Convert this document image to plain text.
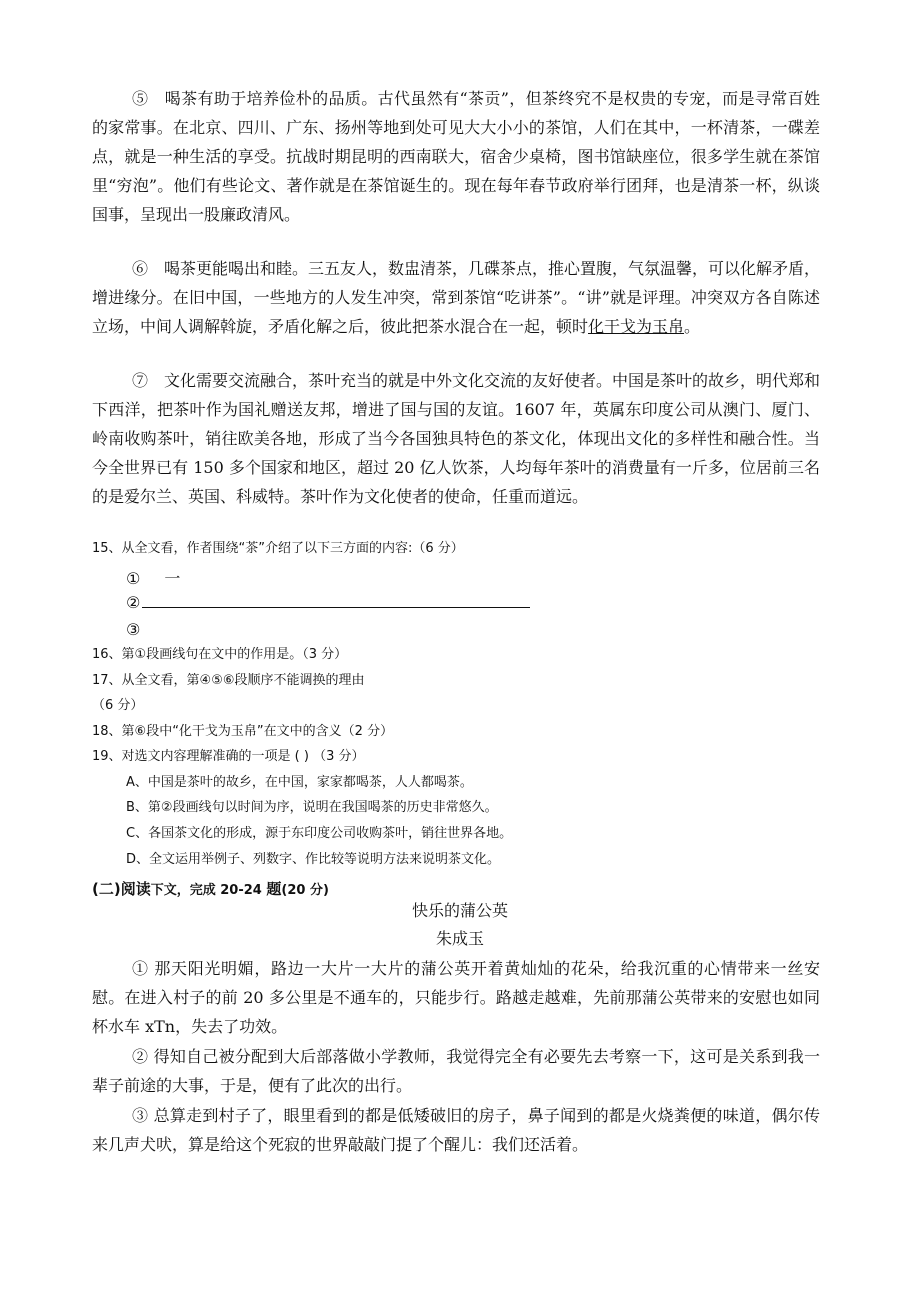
⑤　喝茶有助于培养俭朴的品质。古代虽然有“茶贡”，但茶终究不是权贵的专宠，而是寻常百姓的家常事。在北京、四川、广东、扬州等地到处可见大大小小的茶馆，人们在其中，一杯清茶，一碟差点，就是一种生活的享受。抗战时期昆明的西南联大，宿舍少桌椅，图书馆缺座位，很多学生就在茶馆里“穷泡”。他们有些论文、著作就是在茶馆诞生的。现在每年春节政府举行团拜，也是清茶一杯，纵谈国事，呈现出一股廉政清风。

⑥　喝茶更能喝出和睦。三五友人，数盅清茶，几碟茶点，推心置腹，气氛温馨，可以化解矛盾，增进缘分。在旧中国，一些地方的人发生冲突，常到茶馆“吃讲茶”。“讲”就是评理。冲突双方各自陈述立场，中间人调解斡旋，矛盾化解之后，彼此把茶水混合在一起，顿时化干戈为玉帛。

⑦　文化需要交流融合，茶叶充当的就是中外文化交流的友好使者。中国是茶叶的故乡，明代郑和下西洋，把茶叶作为国礼赠送友邦，增进了国与国的友谊。1607 年，英属东印度公司从澳门、厦门、岭南收购茶叶，销往欧美各地，形成了当今各国独具特色的茶文化，体现出文化的多样性和融合性。当今全世界已有 150 多个国家和地区，超过 20 亿人饮茶，人均每年茶叶的消费量有一斤多，位居前三名的是爱尔兰、英国、科威特。茶叶作为文化使者的使命，任重而道远。

15、从全文看，作者围绕“茶”介绍了以下三方面的内容:（6 分）

① 一
②
③

16、第①段画线句在文中的作用是。（3 分）

17、从全文看，第④⑤⑥段顺序不能调换的理由

（6 分）

18、第⑥段中“化干戈为玉帛”在文中的含义（2 分）

19、对选文内容理解准确的一项是 ( ) （3 分）

A、中国是茶叶的故乡，在中国，家家都喝茶，人人都喝茶。

B、第②段画线句以时间为序，说明在我国喝茶的历史非常悠久。

C、各国茶文化的形成，源于东印度公司收购茶叶，销往世界各地。

D、全文运用举例子、列数字、作比较等说明方法来说明茶文化。

(二)阅读下文，完成 20-24 题(20 分)

快乐的蒲公英

朱成玉

① 那天阳光明媚，路边一大片一大片的蒲公英开着黄灿灿的花朵，给我沉重的心情带来一丝安慰。在进入村子的前 20 多公里是不通车的，只能步行。路越走越难，先前那蒲公英带来的安慰也如同杯水车 xTn，失去了功效。

② 得知自己被分配到大后部落做小学教师，我觉得完全有必要先去考察一下，这可是关系到我一辈子前途的大事，于是，便有了此次的出行。

③ 总算走到村子了，眼里看到的都是低矮破旧的房子，鼻子闻到的都是火烧粪便的味道，偶尔传来几声犬吠，算是给这个死寂的世界敲敲门提了个醒儿：我们还活着。
